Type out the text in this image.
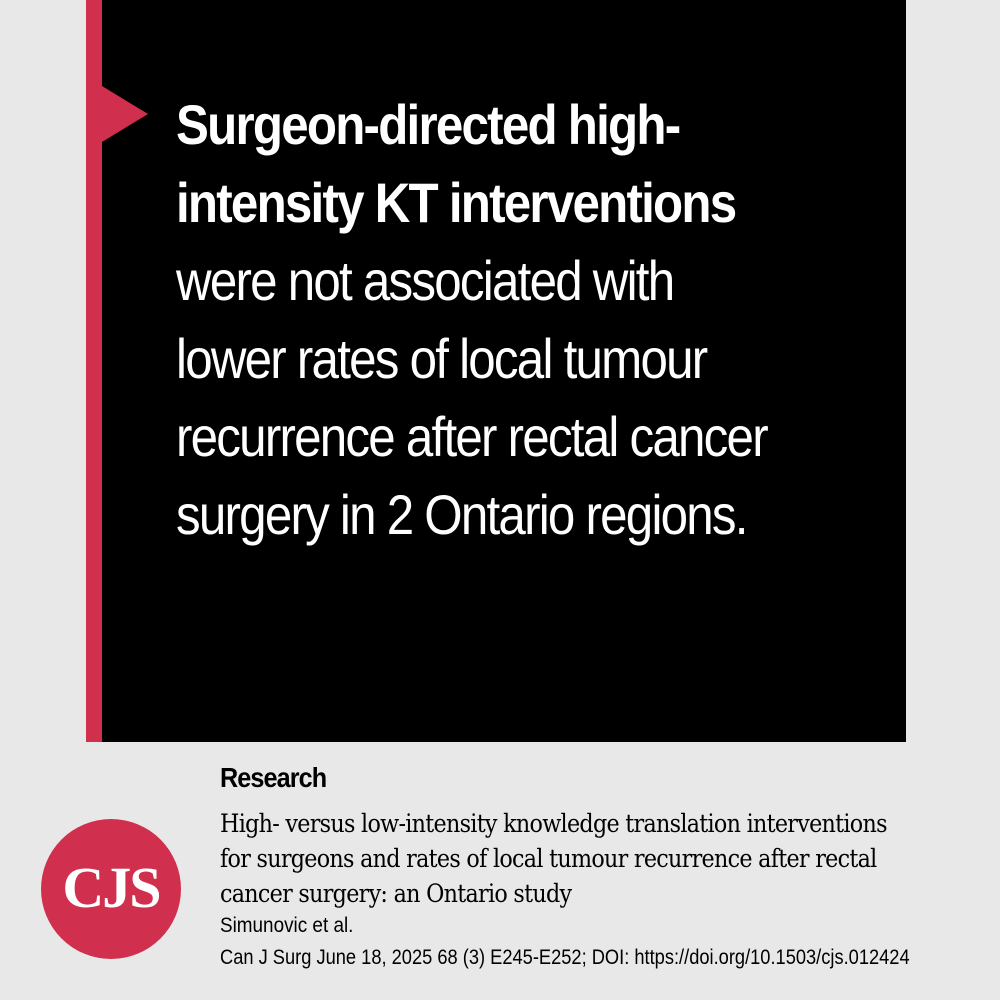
Surgeon-directed high-intensity KT interventions were not associated with lower rates of local tumour recurrence after rectal cancer surgery in 2 Ontario regions.
CJS
Research

High- versus low-intensity knowledge translation interventions for surgeons and rates of local tumour recurrence after rectal cancer surgery: an Ontario study

Simunovic et al.
Can J Surg June 18, 2025 68 (3) E245-E252; DOI: https://doi.org/10.1503/cjs.012424
